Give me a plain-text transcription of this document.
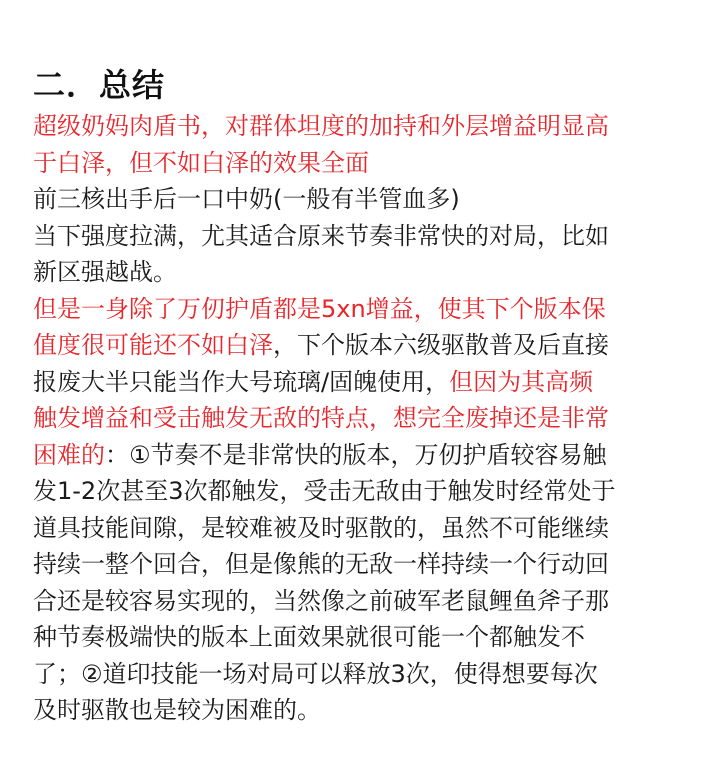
二．总结
超级奶妈肉盾书，对群体坦度的加持和外层增益明显高
于白泽，但不如白泽的效果全面
前三核出手后一口中奶(一般有半管血多)
当下强度拉满，尤其适合原来节奏非常快的对局，比如
新区强越战。
但是一身除了万仞护盾都是5xn增益，使其下个版本保
值度很可能还不如白泽，下个版本六级驱散普及后直接
报废大半只能当作大号琉璃/固魄使用，但因为其高频
触发增益和受击触发无敌的特点，想完全废掉还是非常
困难的：①节奏不是非常快的版本，万仞护盾较容易触
发1-2次甚至3次都触发，受击无敌由于触发时经常处于
道具技能间隙，是较难被及时驱散的，虽然不可能继续
持续一整个回合，但是像熊的无敌一样持续一个行动回
合还是较容易实现的，当然像之前破军老鼠鲤鱼斧子那
种节奏极端快的版本上面效果就很可能一个都触发不
了；②道印技能一场对局可以释放3次，使得想要每次
及时驱散也是较为困难的。
